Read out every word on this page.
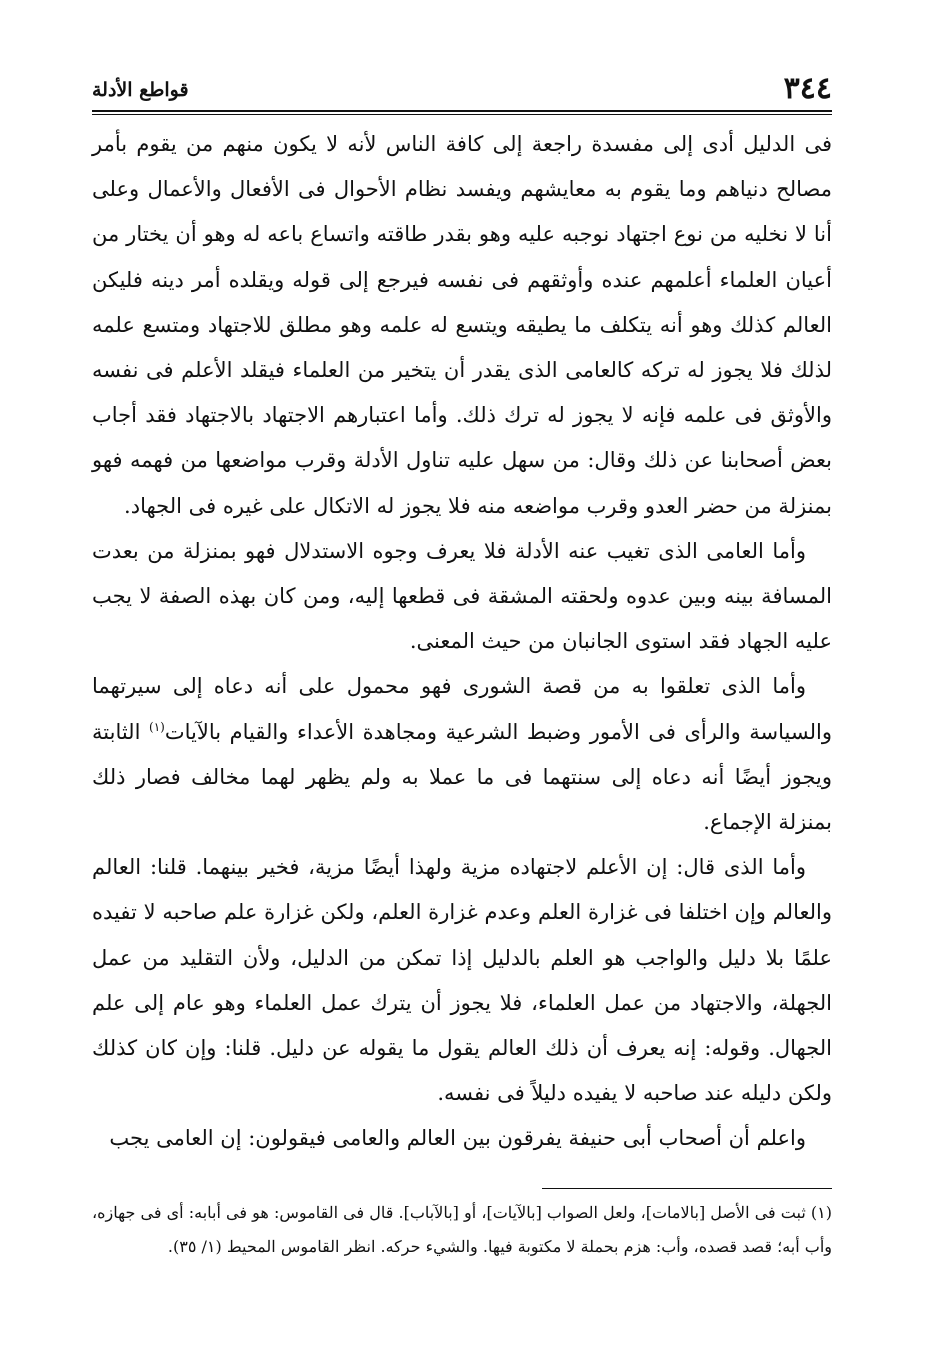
٣٤٤
قواطع الأدلة

فى الدليل أدى إلى مفسدة راجعة إلى كافة الناس لأنه لا يكون منهم من يقوم بأمر مصالح دنياهم وما يقوم به معايشهم ويفسد نظام الأحوال فى الأفعال والأعمال وعلى أنا لا نخليه من نوع اجتهاد نوجبه عليه وهو بقدر طاقته واتساع باعه له وهو أن يختار من أعيان العلماء أعلمهم عنده وأوثقهم فى نفسه فيرجع إلى قوله ويقلده أمر دينه فليكن العالم كذلك وهو أنه يتكلف ما يطيقه ويتسع له علمه وهو مطلق للاجتهاد ومتسع علمه لذلك فلا يجوز له تركه كالعامى الذى يقدر أن يتخير من العلماء فيقلد الأعلم فى نفسه والأوثق فى علمه فإنه لا يجوز له ترك ذلك. وأما اعتبارهم الاجتهاد بالاجتهاد فقد أجاب بعض أصحابنا عن ذلك وقال: من سهل عليه تناول الأدلة وقرب مواضعها من فهمه فهو بمنزلة من حضر العدو وقرب مواضعه منه فلا يجوز له الاتكال على غيره فى الجهاد.

وأما العامى الذى تغيب عنه الأدلة فلا يعرف وجوه الاستدلال فهو بمنزلة من بعدت المسافة بينه وبين عدوه ولحقته المشقة فى قطعها إليه، ومن كان بهذه الصفة لا يجب عليه الجهاد فقد استوى الجانبان من حيث المعنى.

وأما الذى تعلقوا به من قصة الشورى فهو محمول على أنه دعاه إلى سيرتهما والسياسة والرأى فى الأمور وضبط الشرعية ومجاهدة الأعداء والقيام بالآيات$^{(١)}$ الثابتة ويجوز أيضًا أنه دعاه إلى سنتهما فى ما عملا به ولم يظهر لهما مخالف فصار ذلك بمنزلة الإجماع.

وأما الذى قال: إن الأعلم لاجتهاده مزية ولهذا أيضًا مزية، فخير بينهما. قلنا: العالم والعالم وإن اختلفا فى غزارة العلم وعدم غزارة العلم، ولكن غزارة علم صاحبه لا تفيده علمًا بلا دليل والواجب هو العلم بالدليل إذا تمكن من الدليل، ولأن التقليد من عمل الجهلة، والاجتهاد من عمل العلماء، فلا يجوز أن يترك عمل العلماء وهو عام إلى علم الجهال. وقوله: إنه يعرف أن ذلك العالم يقول ما يقوله عن دليل. قلنا: وإن كان كذلك ولكن دليله عند صاحبه لا يفيده دليلاً فى نفسه.

واعلم أن أصحاب أبى حنيفة يفرقون بين العالم والعامى فيقولون: إن العامى يجب

(١) ثبت فى الأصل [بالامات]، ولعل الصواب [بالآيات]، أو [بالآباب]. قال فى القاموس: هو فى أبابه: أى فى جهازه، وأب أبه؛ قصد قصده، وأب: هزم بحملة لا مكتوبة فيها. والشيء حركه. انظر القاموس المحيط (١/ ٣٥).
